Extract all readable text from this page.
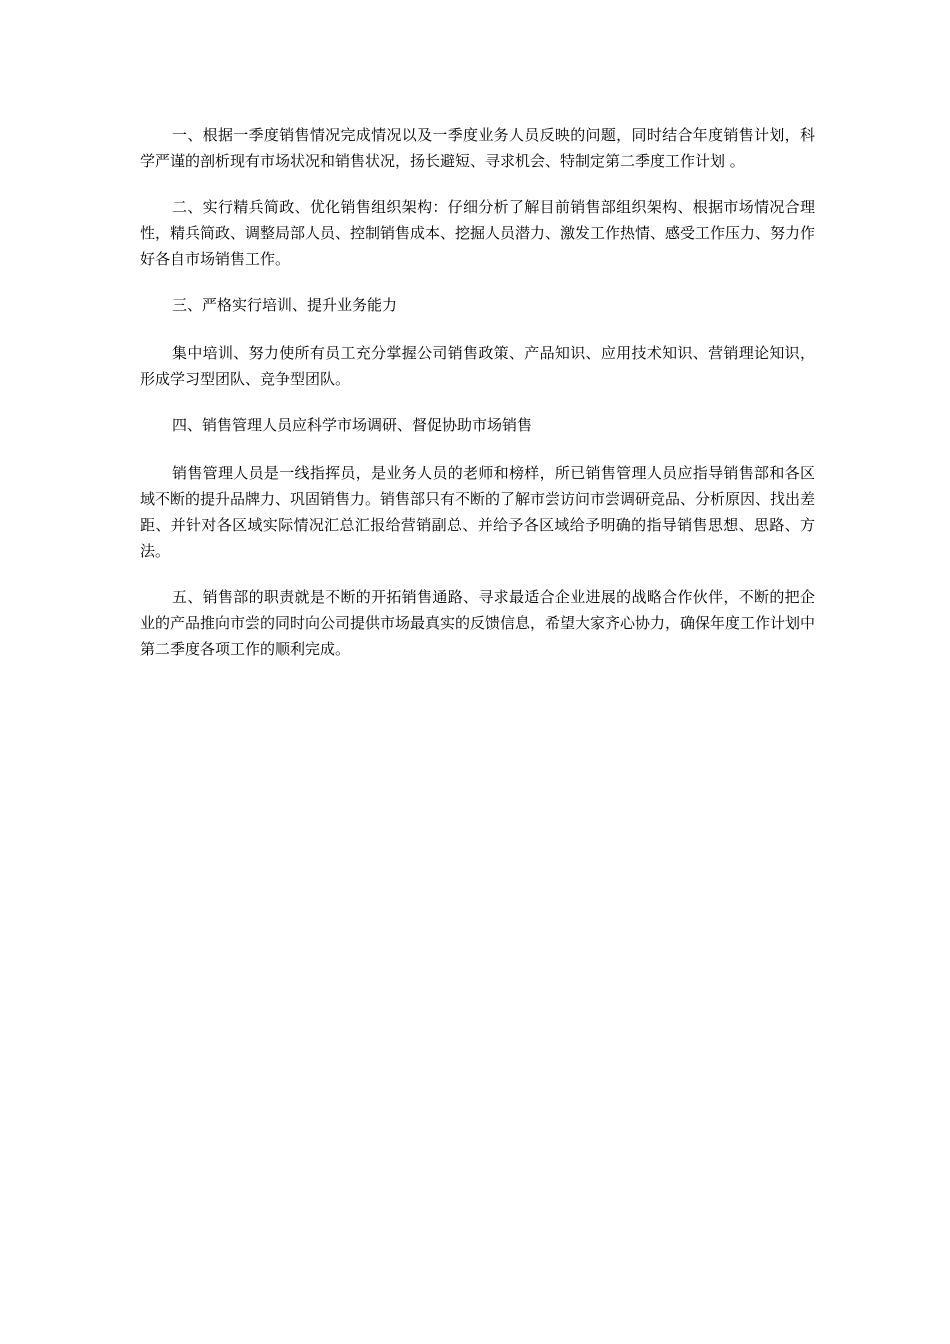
一、根据一季度销售情况完成情况以及一季度业务人员反映的问题，同时结合年度销售计划，科学严谨的剖析现有市场状况和销售状况，扬长避短、寻求机会、特制定第二季度工作计划 。

二、实行精兵简政、优化销售组织架构：仔细分析了解目前销售部组织架构、根据市场情况合理性，精兵简政、调整局部人员、控制销售成本、挖掘人员潜力、激发工作热情、感受工作压力、努力作好各自市场销售工作。

三、严格实行培训、提升业务能力

集中培训、努力使所有员工充分掌握公司销售政策、产品知识、应用技术知识、营销理论知识，形成学习型团队、竞争型团队。

四、销售管理人员应科学市场调研、督促协助市场销售

销售管理人员是一线指挥员，是业务人员的老师和榜样，所已销售管理人员应指导销售部和各区域不断的提升品牌力、巩固销售力。销售部只有不断的了解市尝访问市尝调研竞品、分析原因、找出差距、并针对各区域实际情况汇总汇报给营销副总、并给予各区域给予明确的指导销售思想、思路、方法。

五、销售部的职责就是不断的开拓销售通路、寻求最适合企业进展的战略合作伙伴，不断的把企业的产品推向市尝的同时向公司提供市场最真实的反馈信息，希望大家齐心协力，确保年度工作计划中第二季度各项工作的顺利完成。
